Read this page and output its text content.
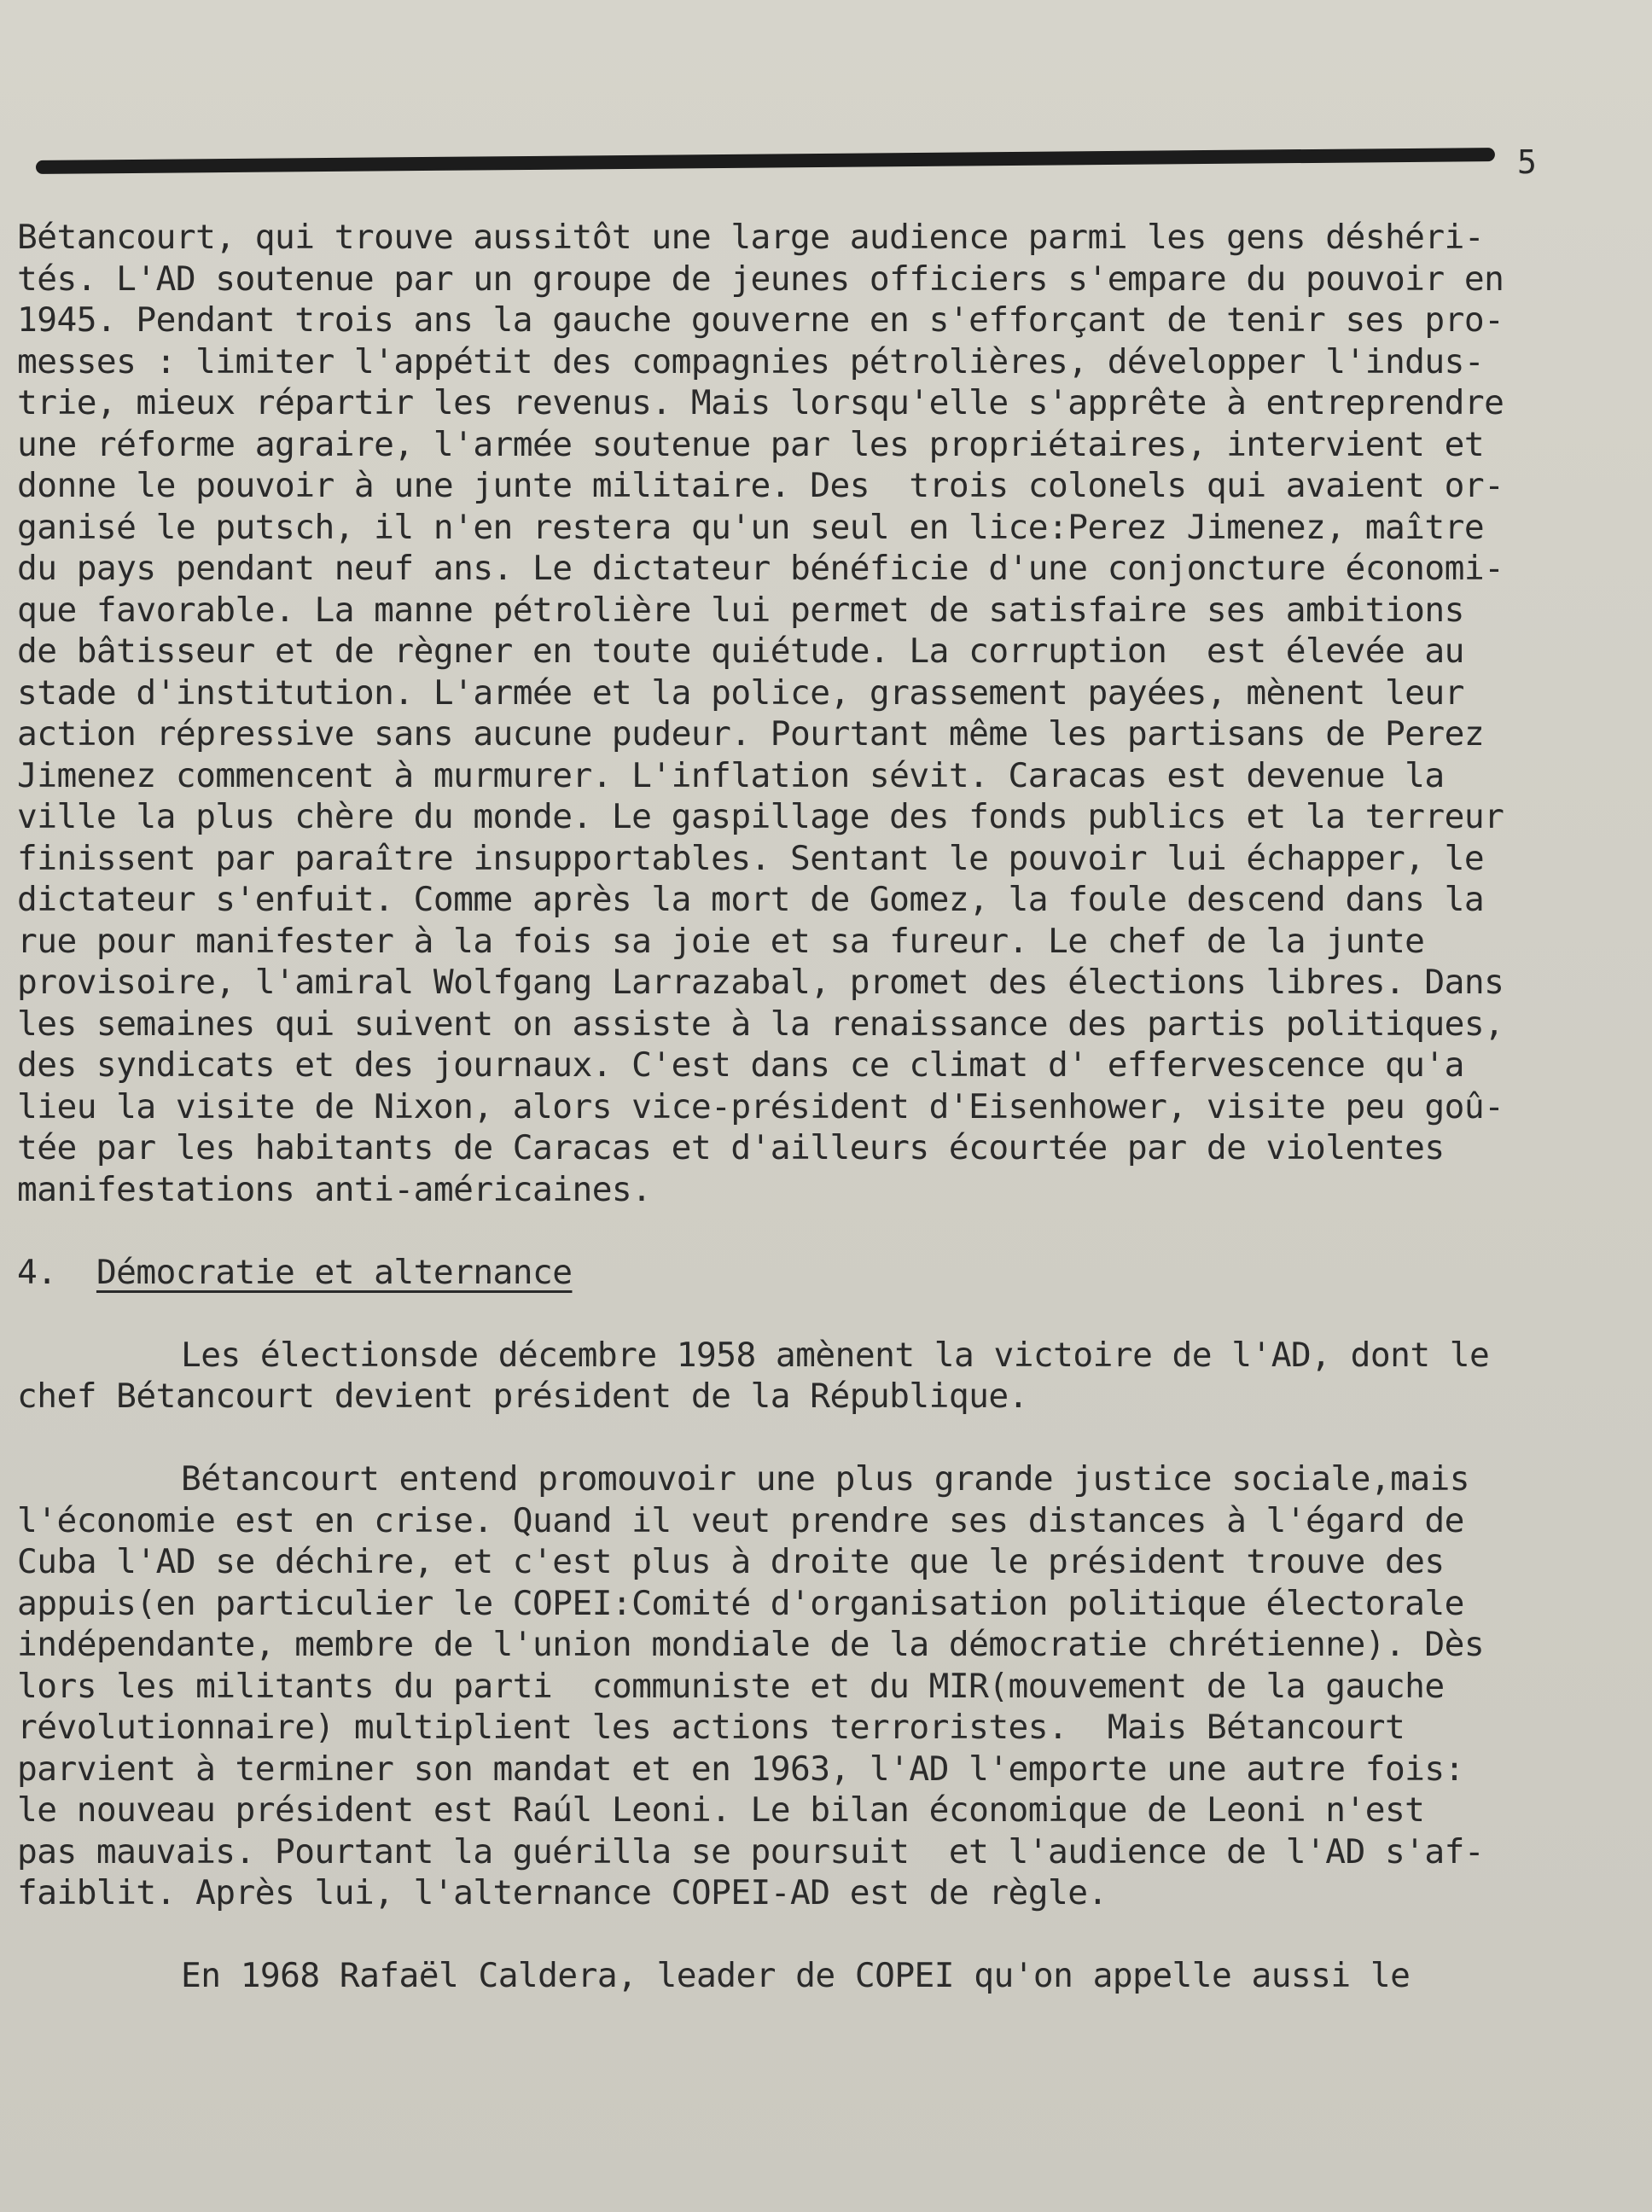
5
Bétancourt, qui trouve aussitôt une large audience parmi les gens déshéri-
tés. L'AD soutenue par un groupe de jeunes officiers s'empare du pouvoir en
1945. Pendant trois ans la gauche gouverne en s'efforçant de tenir ses pro-
messes : limiter l'appétit des compagnies pétrolières, développer l'indus-
trie, mieux répartir les revenus. Mais lorsqu'elle s'apprête à entreprendre
une réforme agraire, l'armée soutenue par les propriétaires, intervient et
donne le pouvoir à une junte militaire. Des  trois colonels qui avaient or-
ganisé le putsch, il n'en restera qu'un seul en lice:Perez Jimenez, maître
du pays pendant neuf ans. Le dictateur bénéficie d'une conjoncture économi-
que favorable. La manne pétrolière lui permet de satisfaire ses ambitions
de bâtisseur et de règner en toute quiétude. La corruption  est élevée au
stade d'institution. L'armée et la police, grassement payées, mènent leur
action répressive sans aucune pudeur. Pourtant même les partisans de Perez
Jimenez commencent à murmurer. L'inflation sévit. Caracas est devenue la
ville la plus chère du monde. Le gaspillage des fonds publics et la terreur
finissent par paraître insupportables. Sentant le pouvoir lui échapper, le
dictateur s'enfuit. Comme après la mort de Gomez, la foule descend dans la
rue pour manifester à la fois sa joie et sa fureur. Le chef de la junte
provisoire, l'amiral Wolfgang Larrazabal, promet des élections libres. Dans
les semaines qui suivent on assiste à la renaissance des partis politiques,
des syndicats et des journaux. C'est dans ce climat d' effervescence qu'a
lieu la visite de Nixon, alors vice-président d'Eisenhower, visite peu goû-
tée par les habitants de Caracas et d'ailleurs écourtée par de violentes
manifestations anti-américaines.
4. Démocratie et alternance
Les électionsde décembre 1958 amènent la victoire de l'AD, dont le
chef Bétancourt devient président de la République.
Bétancourt entend promouvoir une plus grande justice sociale,mais
l'économie est en crise. Quand il veut prendre ses distances à l'égard de
Cuba l'AD se déchire, et c'est plus à droite que le président trouve des
appuis(en particulier le COPEI:Comité d'organisation politique électorale
indépendante, membre de l'union mondiale de la démocratie chrétienne). Dès
lors les militants du parti  communiste et du MIR(mouvement de la gauche
révolutionnaire) multiplient les actions terroristes.  Mais Bétancourt
parvient à terminer son mandat et en 1963, l'AD l'emporte une autre fois:
le nouveau président est Raúl Leoni. Le bilan économique de Leoni n'est
pas mauvais. Pourtant la guérilla se poursuit  et l'audience de l'AD s'af-
faiblit. Après lui, l'alternance COPEI-AD est de règle.
En 1968 Rafaël Caldera, leader de COPEI qu'on appelle aussi le
